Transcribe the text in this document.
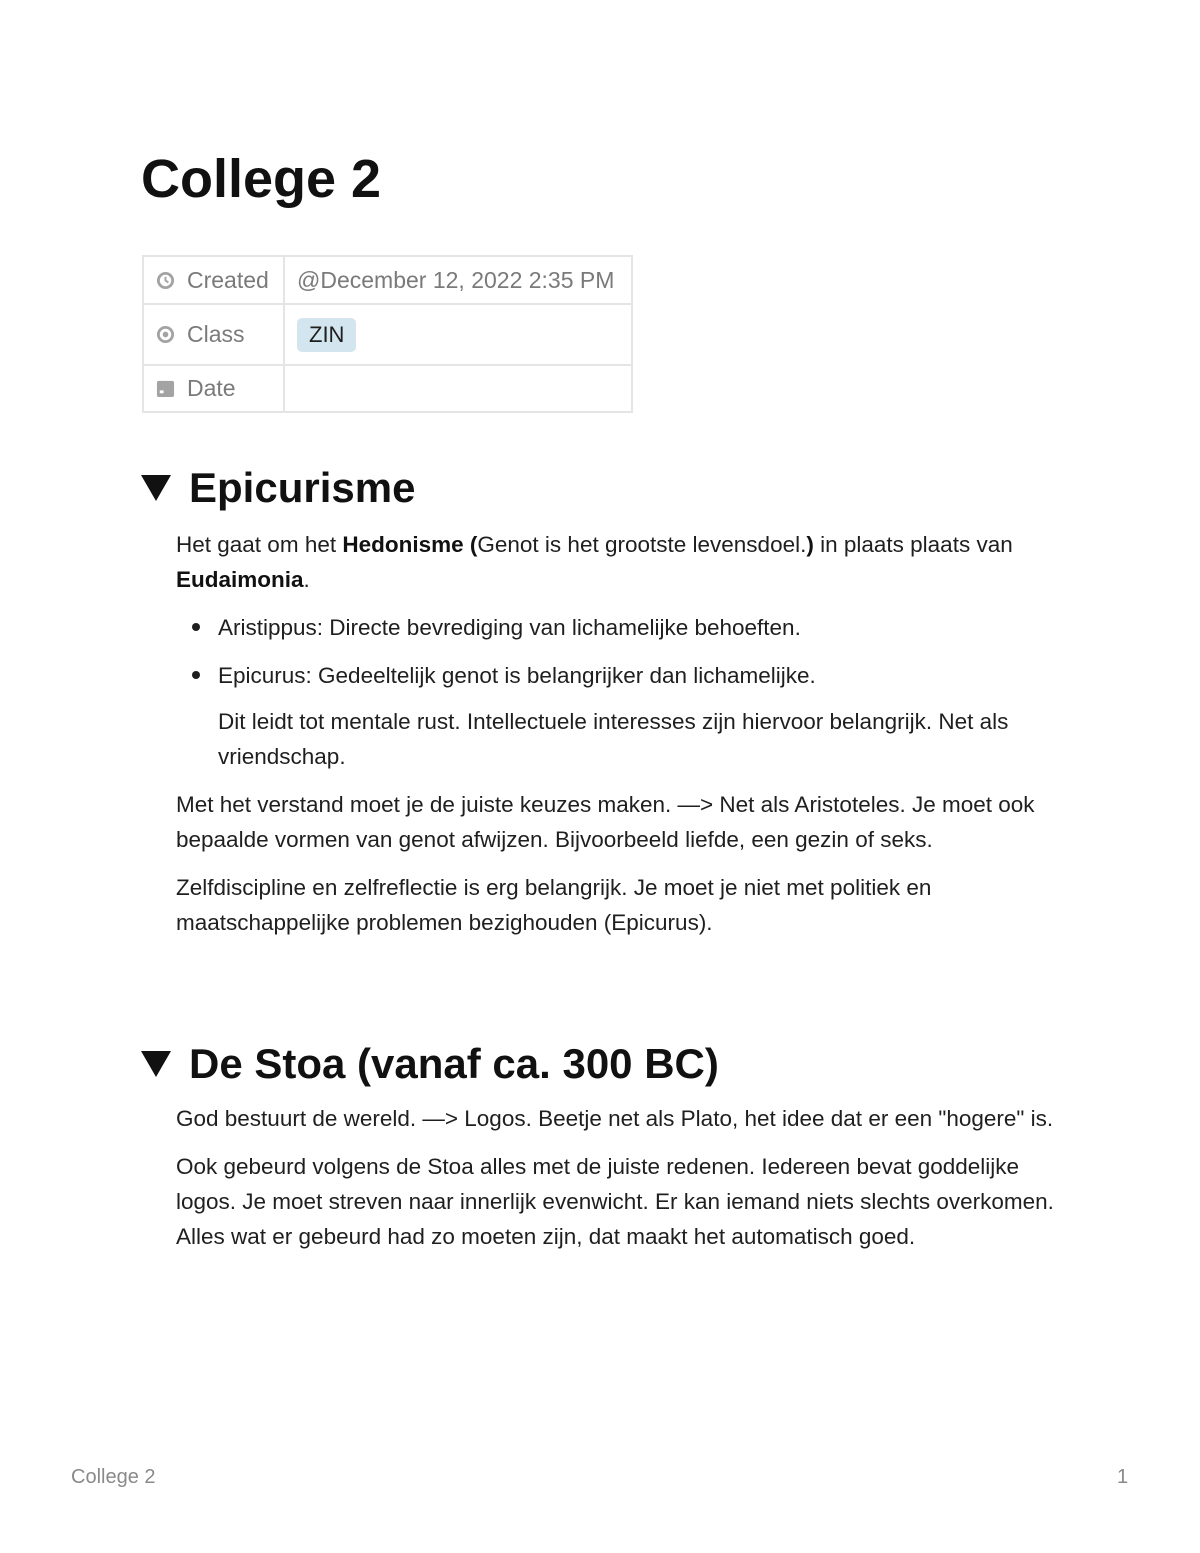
College 2
Created	@December 12, 2022 2:35 PM

Class	ZIN

Date	

Epicurisme

Het gaat om het Hedonisme (Genot is het grootste levensdoel.) in plaats plaats van Eudaimonia.

Aristippus: Directe bevrediging van lichamelijke behoeften.
Epicurus: Gedeeltelijk genot is belangrijker dan lichamelijke.
Dit leidt tot mentale rust. Intellectuele interesses zijn hiervoor belangrijk. Net als vriendschap.

Met het verstand moet je de juiste keuzes maken. —> Net als Aristoteles. Je moet ook bepaalde vormen van genot afwijzen. Bijvoorbeeld liefde, een gezin of seks.

Zelfdiscipline en zelfreflectie is erg belangrijk. Je moet je niet met politiek en maatschappelijke problemen bezighouden (Epicurus).

De Stoa (vanaf ca. 300 BC)

God bestuurt de wereld. —> Logos. Beetje net als Plato, het idee dat er een "hogere" is.

Ook gebeurd volgens de Stoa alles met de juiste redenen. Iedereen bevat goddelijke logos. Je moet streven naar innerlijk evenwicht. Er kan iemand niets slechts overkomen. Alles wat er gebeurd had zo moeten zijn, dat maakt het automatisch goed.

College 2	1
